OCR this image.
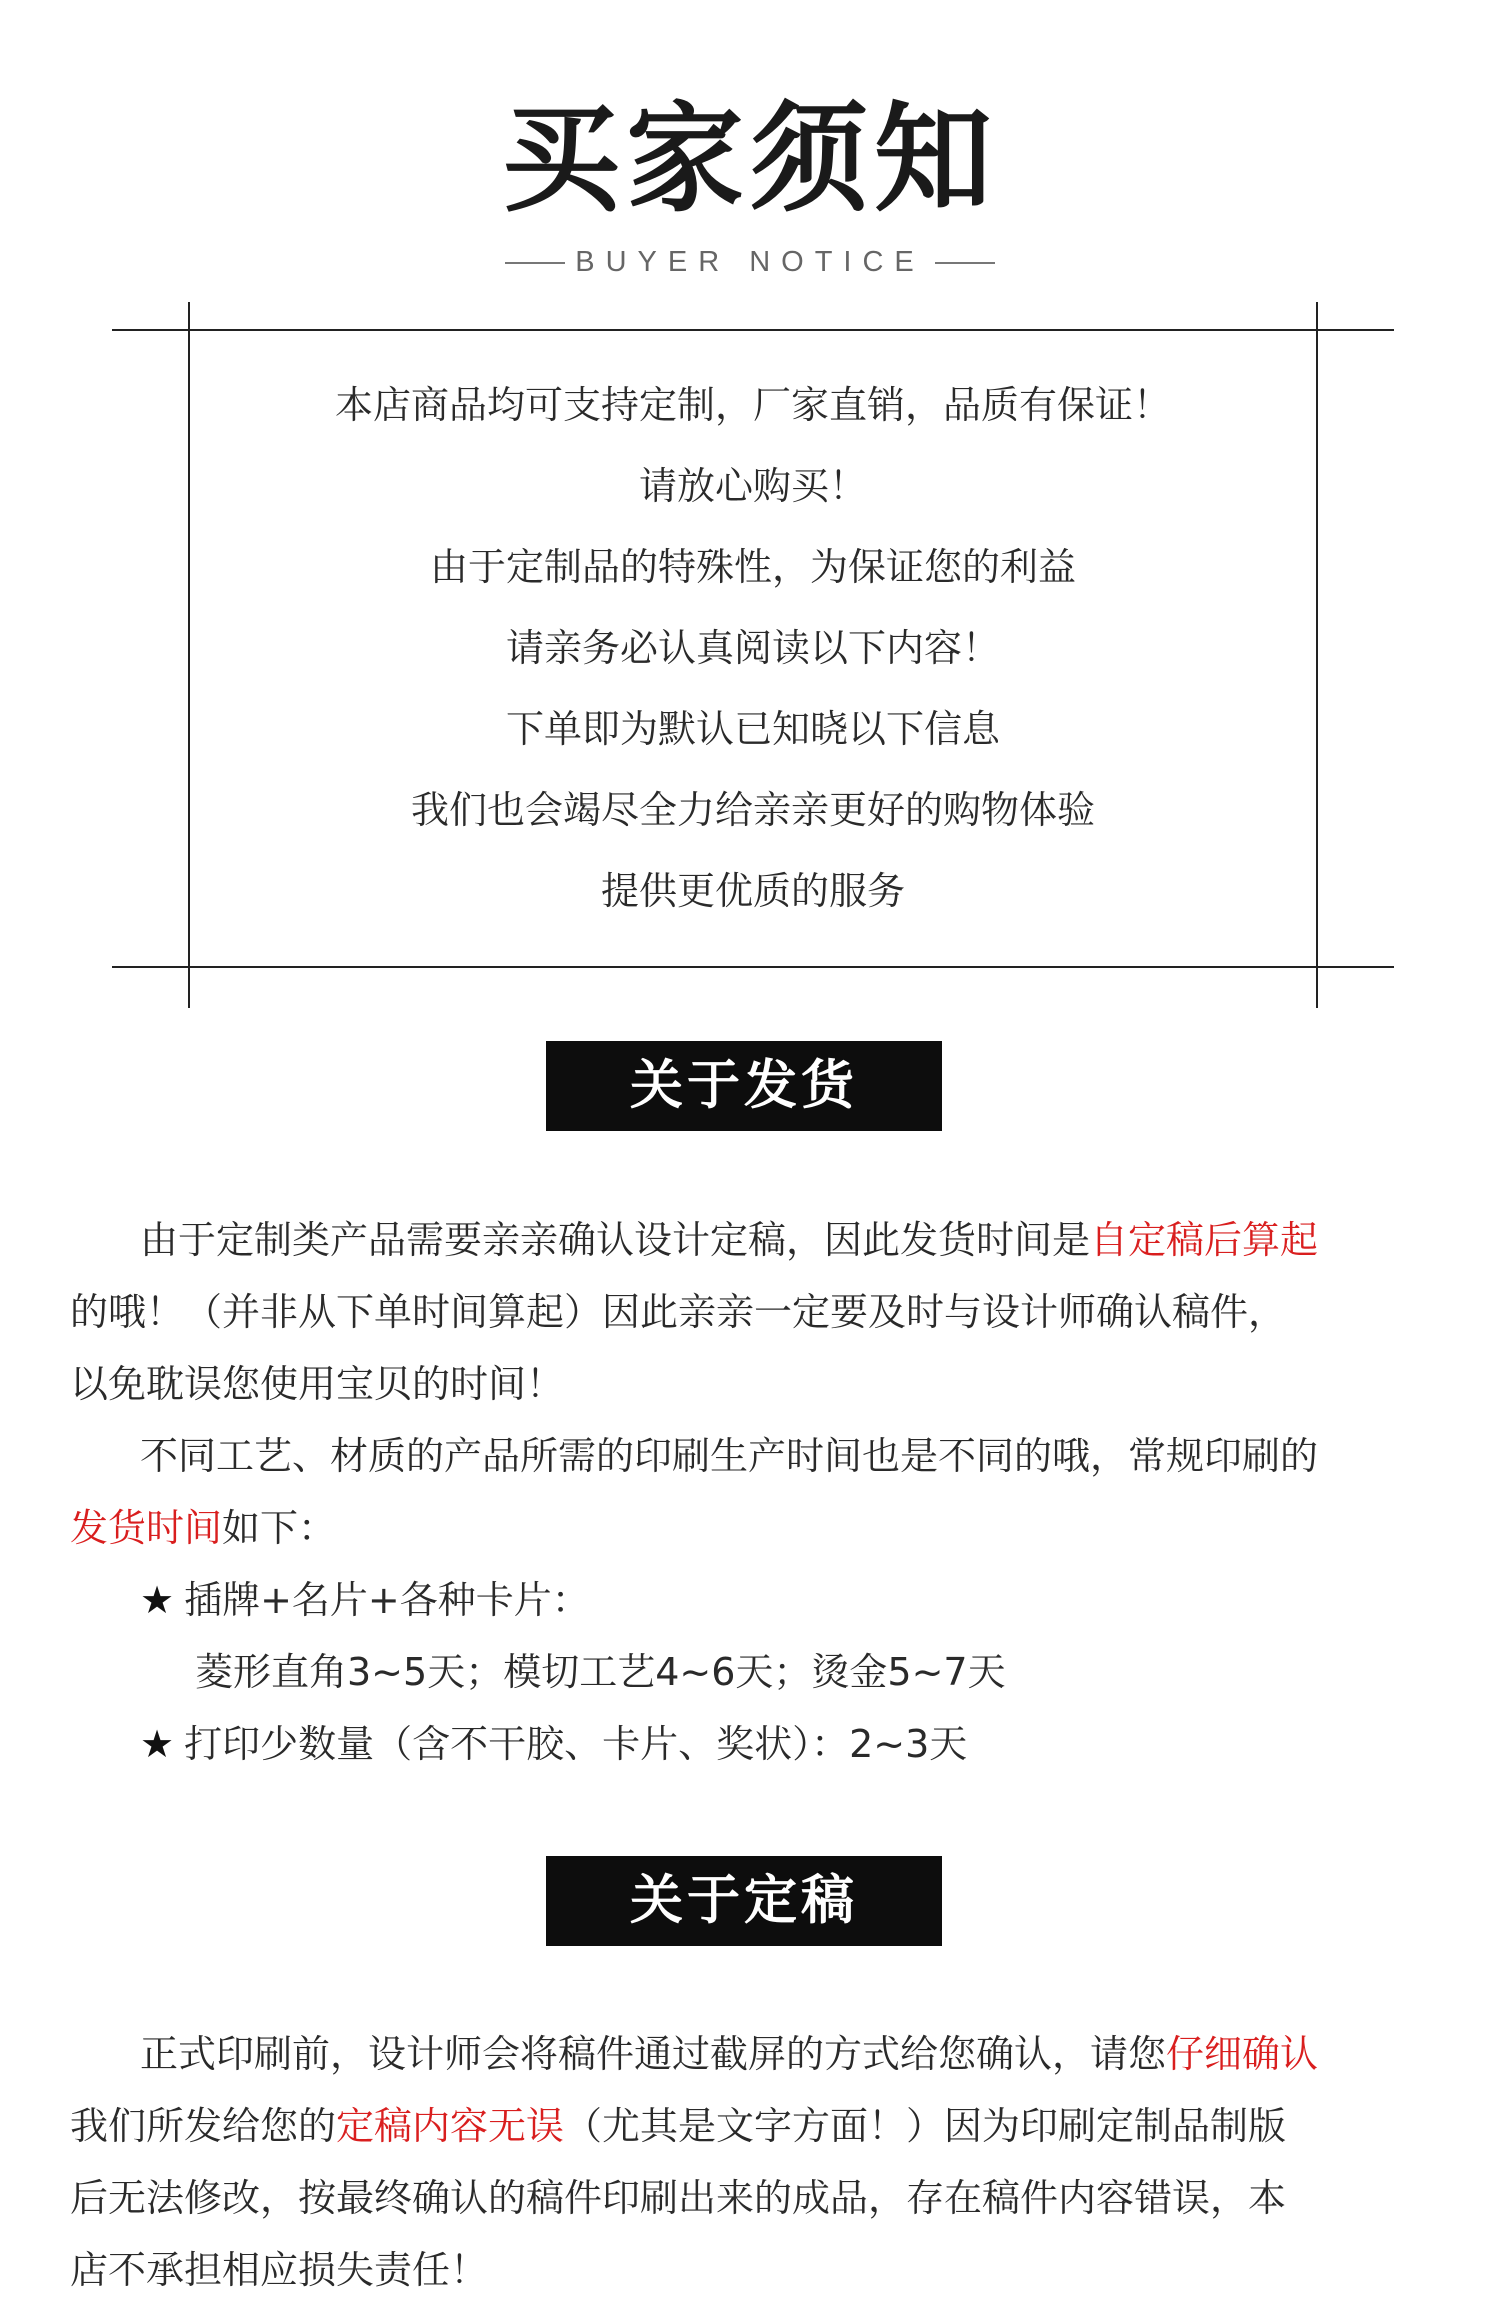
买家须知
BUYER NOTICE
本店商品均可支持定制，厂家直销，品质有保证！
请放心购买！
由于定制品的特殊性，为保证您的利益
请亲务必认真阅读以下内容！
下单即为默认已知晓以下信息
我们也会竭尽全力给亲亲更好的购物体验
提供更优质的服务
关于发货
由于定制类产品需要亲亲确认设计定稿，因此发货时间是自定稿后算起
的哦！（并非从下单时间算起）因此亲亲一定要及时与设计师确认稿件，
以免耽误您使用宝贝的时间！
不同工艺、材质的产品所需的印刷生产时间也是不同的哦，常规印刷的
发货时间如下：
★ 插牌+名片+各种卡片：
菱形直角3~5天；模切工艺4~6天；烫金5~7天
★ 打印少数量（含不干胶、卡片、奖状）：2~3天
关于定稿
正式印刷前，设计师会将稿件通过截屏的方式给您确认，请您仔细确认
我们所发给您的定稿内容无误（尤其是文字方面！）因为印刷定制品制版
后无法修改，按最终确认的稿件印刷出来的成品，存在稿件内容错误，本
店不承担相应损失责任！
